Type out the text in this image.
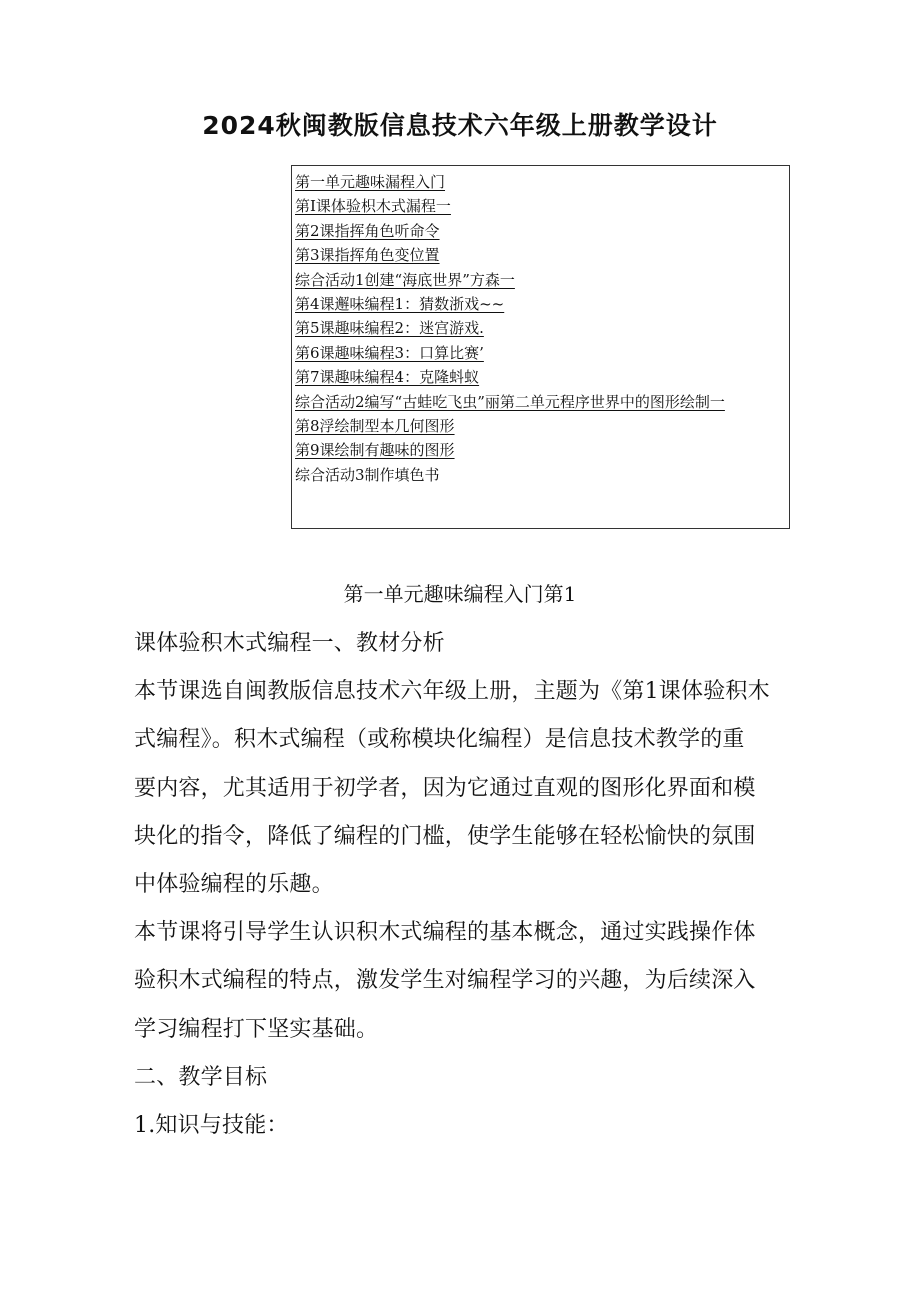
2024秋闽教版信息技术六年级上册教学设计
第一单元趣味漏程入门
第I课体验枳木式漏程一
第2课指挥角色听命令
第3课指挥角色变位置
综合活动1创建“海底世界”方森一
第4课邂味编程1：猜数浙戏~~
第5课趣味编程2：迷宫游戏.
第6课趣味编程3：口算比赛’
第7课趣味编程4：克隆蚪蚁
综合活动2编写“古蛙吃飞虫”丽第二单元程序世界中的图形绘制一
第8浮绘制型本几何图形
第9课绘制有趣味的图形
综合活动3制作填色书
第一单元趣味编程入门第1
课体验积木式编程一、教材分析
本节课选自闽教版信息技术六年级上册，主题为《第1课体验积木
式编程》。积木式编程（或称模块化编程）是信息技术教学的重
要内容，尤其适用于初学者，因为它通过直观的图形化界面和模
块化的指令，降低了编程的门槛，使学生能够在轻松愉快的氛围
中体验编程的乐趣。
本节课将引导学生认识积木式编程的基本概念，通过实践操作体
验积木式编程的特点，激发学生对编程学习的兴趣，为后续深入
学习编程打下坚实基础。
二、教学目标
1.知识与技能：
